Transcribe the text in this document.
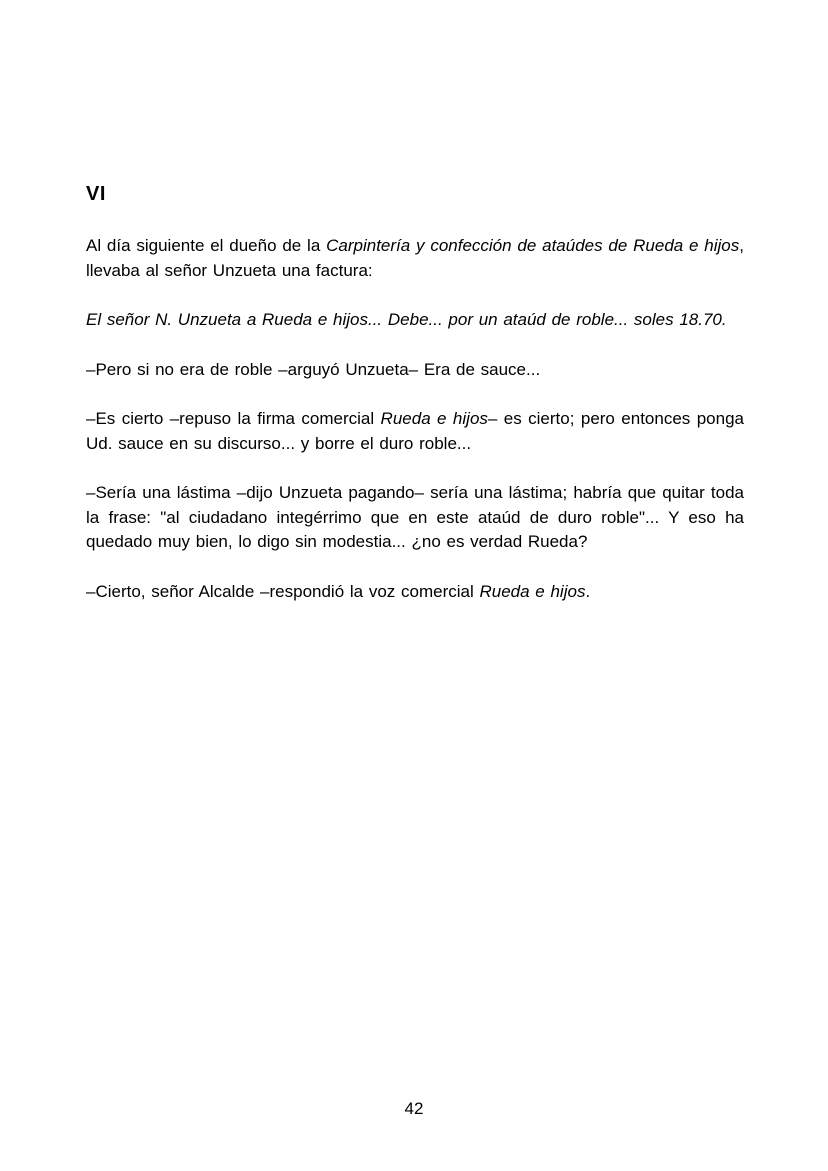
VI

Al día siguiente el dueño de la Carpintería y confección de ataúdes de Rueda e hijos, llevaba al señor Unzueta una factura:

El señor N. Unzueta a Rueda e hijos... Debe... por un ataúd de roble... soles 18.70.

–Pero si no era de roble –arguyó Unzueta– Era de sauce...

–Es cierto –repuso la firma comercial Rueda e hijos– es cierto; pero entonces ponga Ud. sauce en su discurso... y borre el duro roble...

–Sería una lástima –dijo Unzueta pagando– sería una lástima; habría que quitar toda la frase: "al ciudadano integérrimo que en este ataúd de duro roble"... Y eso ha quedado muy bien, lo digo sin modestia... ¿no es verdad Rueda?

–Cierto, señor Alcalde –respondió la voz comercial Rueda e hijos.

42
